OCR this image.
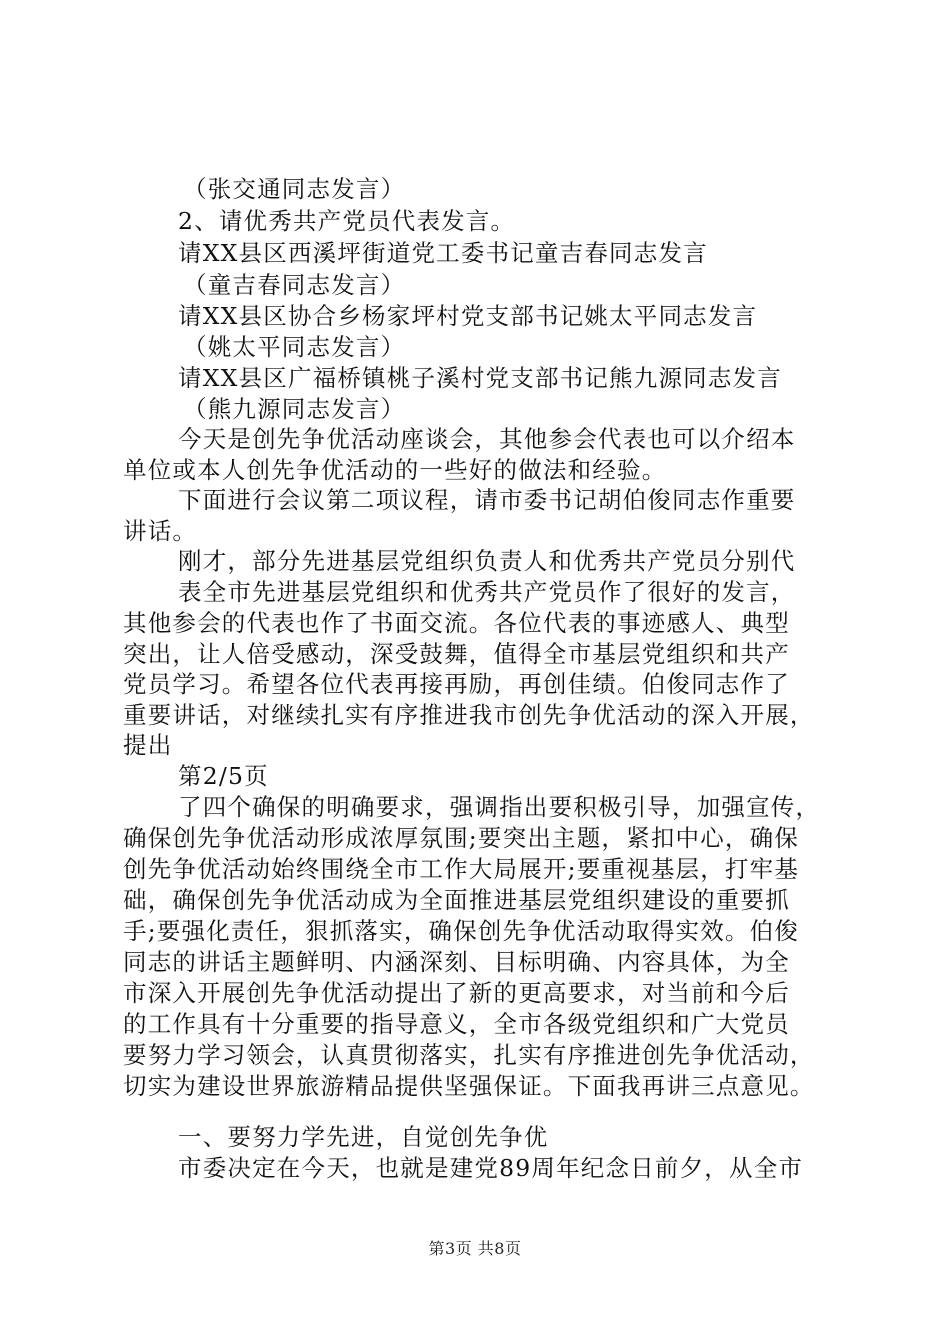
（张交通同志发言）
2、请优秀共产党员代表发言。
请XX县区西溪坪街道党工委书记童吉春同志发言
（童吉春同志发言）
请XX县区协合乡杨家坪村党支部书记姚太平同志发言
（姚太平同志发言）
请XX县区广福桥镇桃子溪村党支部书记熊九源同志发言
（熊九源同志发言）
今天是创先争优活动座谈会，其他参会代表也可以介绍本
单位或本人创先争优活动的一些好的做法和经验。
下面进行会议第二项议程，请市委书记胡伯俊同志作重要
讲话。
刚才，部分先进基层党组织负责人和优秀共产党员分别代
表全市先进基层党组织和优秀共产党员作了很好的发言，
其他参会的代表也作了书面交流。各位代表的事迹感人、典型
突出，让人倍受感动，深受鼓舞，值得全市基层党组织和共产
党员学习。希望各位代表再接再励，再创佳绩。伯俊同志作了
重要讲话，对继续扎实有序推进我市创先争优活动的深入开展，
提出
第2/5页
了四个确保的明确要求，强调指出要积极引导，加强宣传，
确保创先争优活动形成浓厚氛围;要突出主题，紧扣中心，确保
创先争优活动始终围绕全市工作大局展开;要重视基层，打牢基
础，确保创先争优活动成为全面推进基层党组织建设的重要抓
手;要强化责任，狠抓落实，确保创先争优活动取得实效。伯俊
同志的讲话主题鲜明、内涵深刻、目标明确、内容具体，为全
市深入开展创先争优活动提出了新的更高要求，对当前和今后
的工作具有十分重要的指导意义，全市各级党组织和广大党员
要努力学习领会，认真贯彻落实，扎实有序推进创先争优活动，
切实为建设世界旅游精品提供坚强保证。下面我再讲三点意见。
一、要努力学先进，自觉创先争优
市委决定在今天，也就是建党89周年纪念日前夕，从全市
第3页 共8页
